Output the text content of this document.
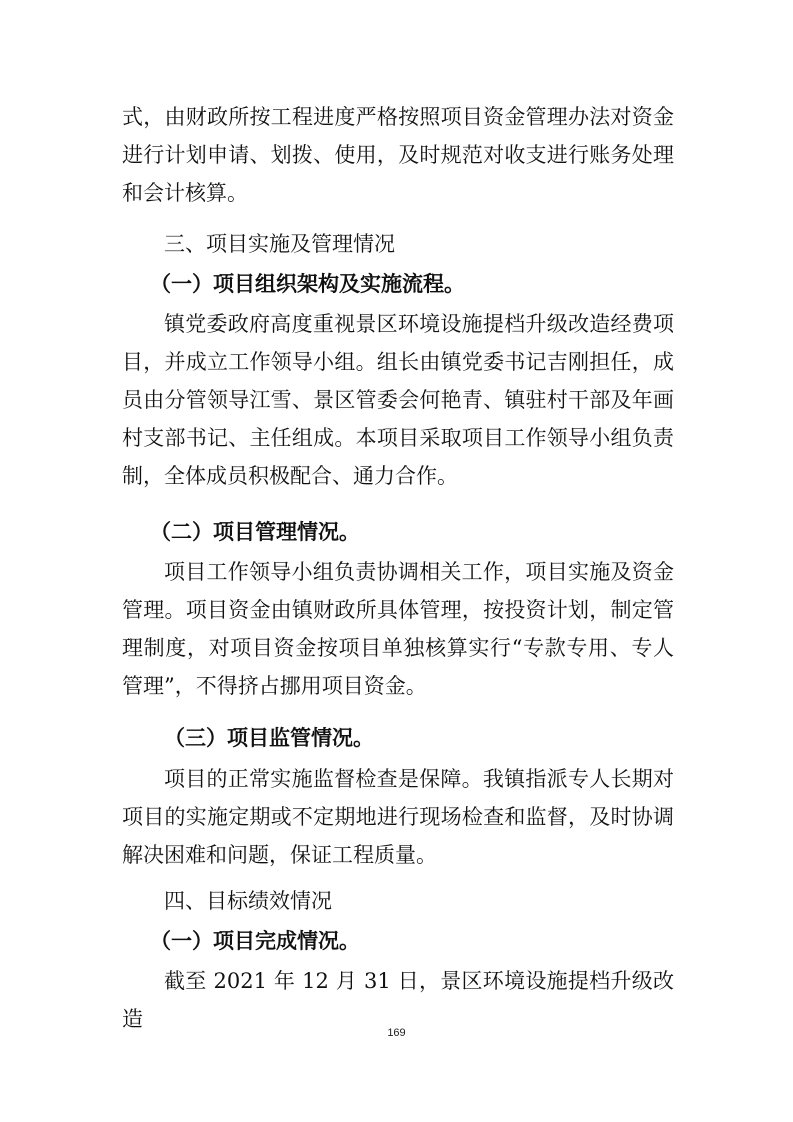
式，由财政所按工程进度严格按照项目资金管理办法对资金进行计划申请、划拨、使用，及时规范对收支进行账务处理和会计核算。

三、项目实施及管理情况

（一）项目组织架构及实施流程。

镇党委政府高度重视景区环境设施提档升级改造经费项目，并成立工作领导小组。组长由镇党委书记吉刚担任，成员由分管领导江雪、景区管委会何艳青、镇驻村干部及年画村支部书记、主任组成。本项目采取项目工作领导小组负责制，全体成员积极配合、通力合作。

（二）项目管理情况。

项目工作领导小组负责协调相关工作，项目实施及资金管理。项目资金由镇财政所具体管理，按投资计划，制定管理制度，对项目资金按项目单独核算实行“专款专用、专人管理”，不得挤占挪用项目资金。

（三）项目监管情况。

项目的正常实施监督检查是保障。我镇指派专人长期对项目的实施定期或不定期地进行现场检查和监督，及时协调解决困难和问题，保证工程质量。

四、目标绩效情况

（一）项目完成情况。

截至 2021 年 12 月 31 日，景区环境设施提档升级改造

169
